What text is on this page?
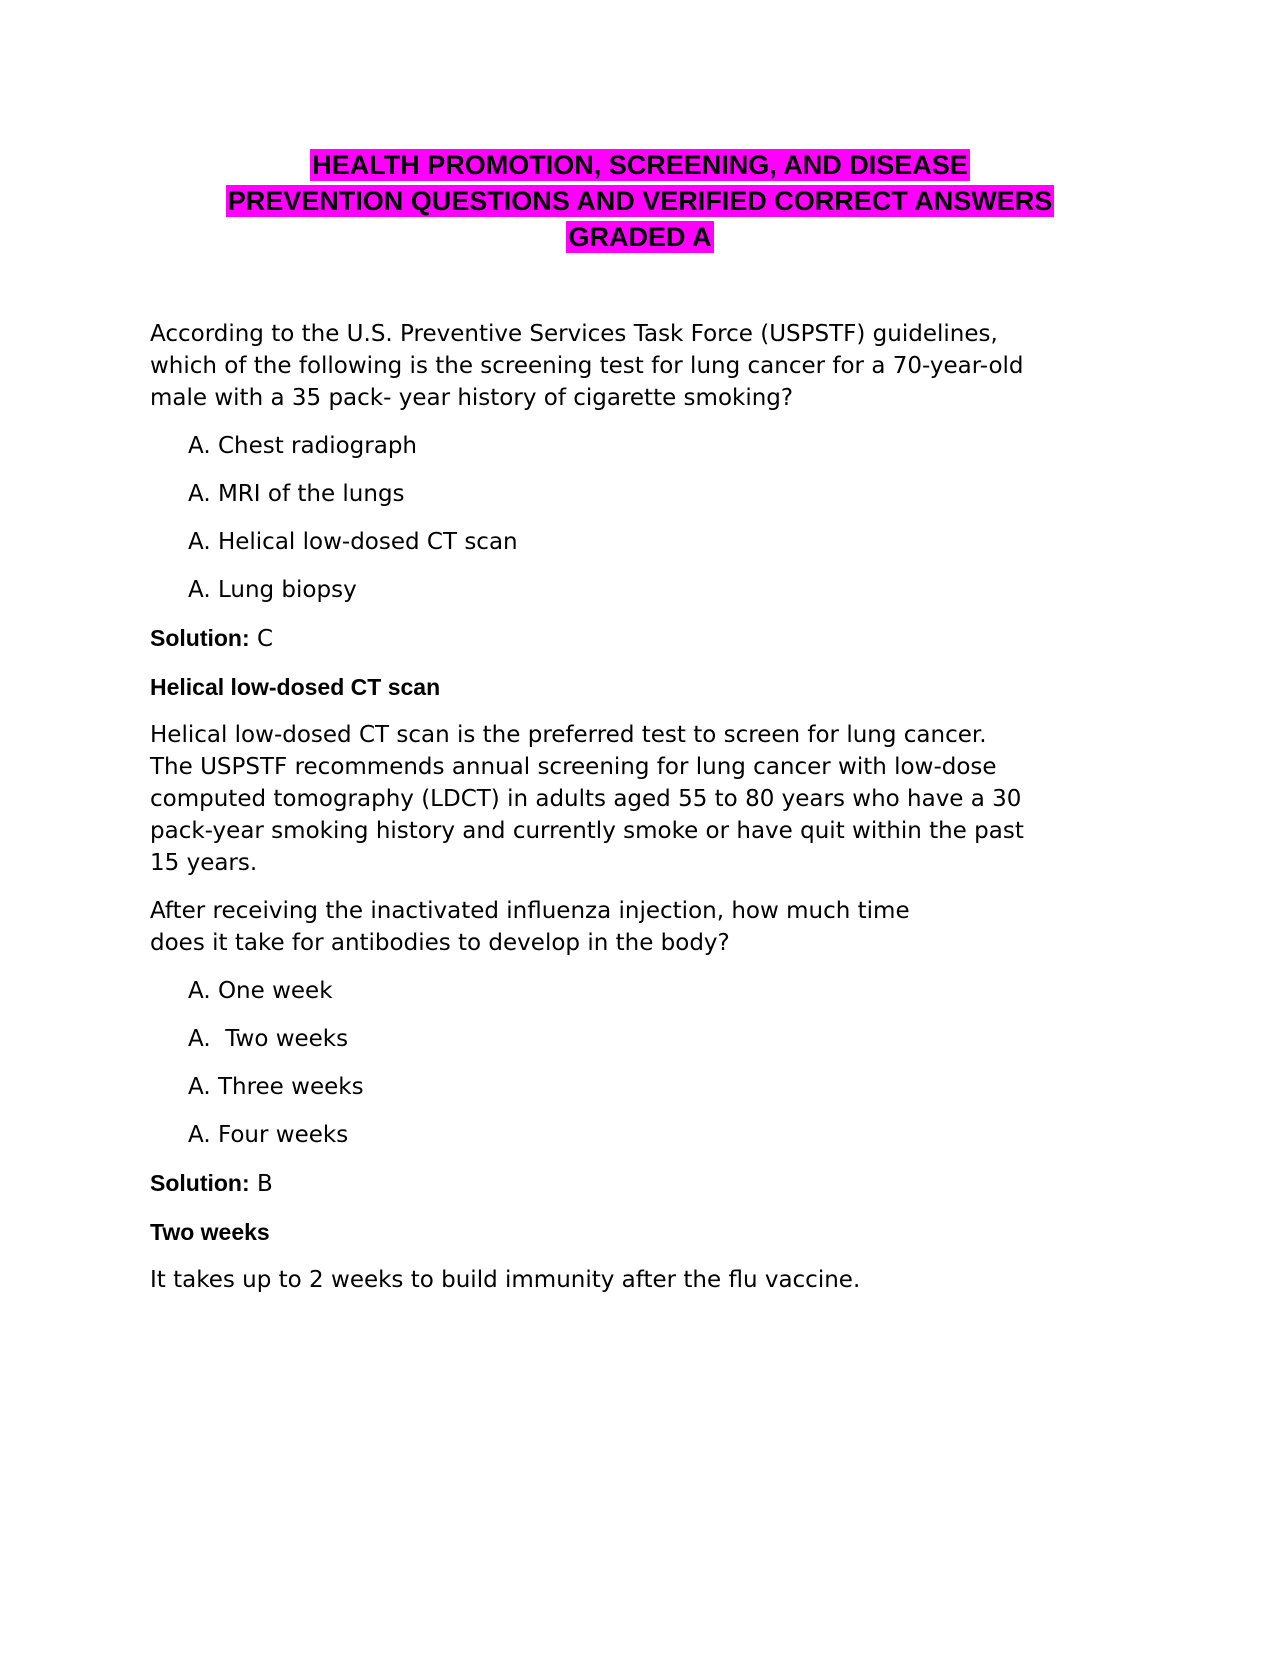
HEALTH PROMOTION, SCREENING, AND DISEASE
PREVENTION QUESTIONS AND VERIFIED CORRECT ANSWERS
GRADED A
According to the U.S. Preventive Services Task Force (USPSTF) guidelines,
which of the following is the screening test for lung cancer for a 70-year-old
male with a 35 pack- year history of cigarette smoking?
A. Chest radiograph
A. MRI of the lungs
A. Helical low-dosed CT scan
A. Lung biopsy
Solution: C
Helical low-dosed CT scan
Helical low-dosed CT scan is the preferred test to screen for lung cancer.
The USPSTF recommends annual screening for lung cancer with low-dose
computed tomography (LDCT) in adults aged 55 to 80 years who have a 30
pack-year smoking history and currently smoke or have quit within the past
15 years.
After receiving the inactivated influenza injection, how much time
does it take for antibodies to develop in the body?
A. One week
A.  Two weeks
A. Three weeks
A. Four weeks
Solution: B
Two weeks
It takes up to 2 weeks to build immunity after the flu vaccine.
